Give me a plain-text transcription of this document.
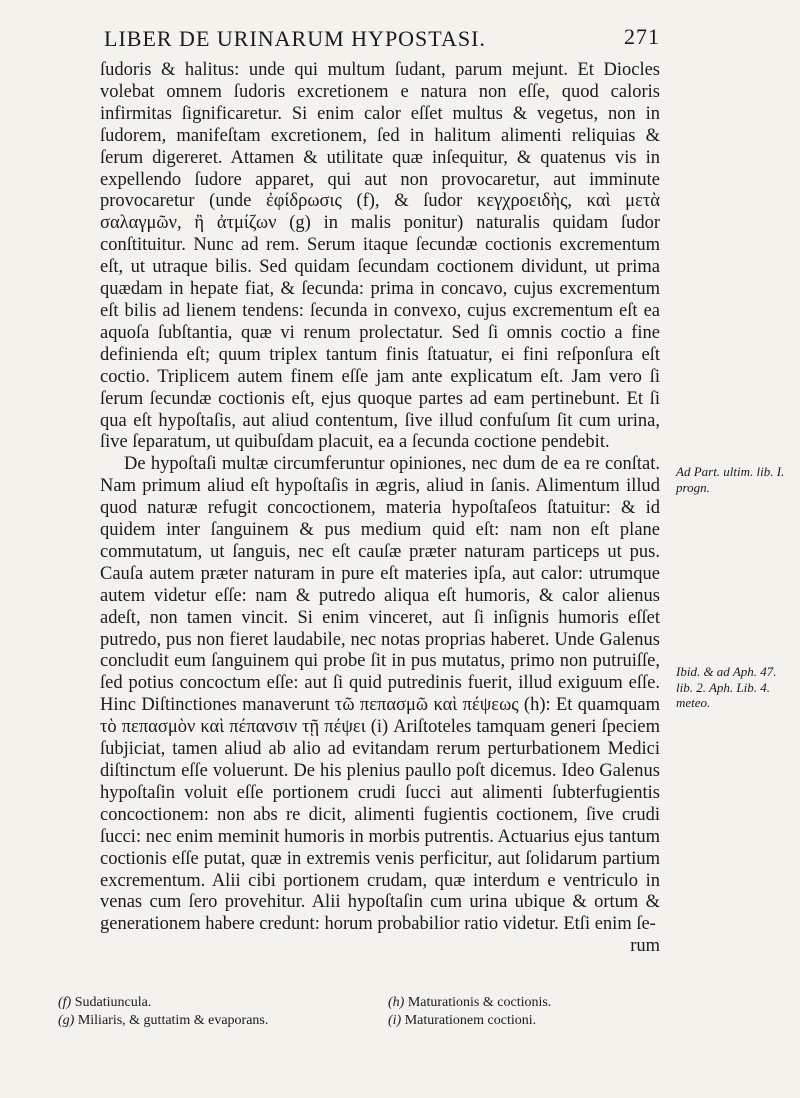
LIBER DE URINARUM HYPOSTASI.	271

ſudoris & halitus: unde qui multum ſudant, parum mejunt. Et Diocles volebat omnem ſudoris excretionem e natura non eſſe, quod caloris infirmitas ſignificaretur. Si enim calor eſſet multus & vegetus, non in ſudorem, manifeſtam excretionem, ſed in halitum alimenti reliquias & ſerum digereret. Attamen & utilitate quæ inſequitur, & quatenus vis in expellendo ſudore apparet, qui aut non provocaretur, aut imminute provocaretur (unde ἐφίδρωσις (f), & ſudor κεγχροειδὴς, καὶ μετὰ σαλαγμῶν, ἢ ἀτμίζων (g) in malis ponitur) naturalis quidam ſudor conſtituitur. Nunc ad rem. Serum itaque ſecundæ coctionis excrementum eſt, ut utraque bilis. Sed quidam ſecundam coctionem dividunt, ut prima quædam in hepate fiat, & ſecunda: prima in concavo, cujus excrementum eſt bilis ad lienem tendens: ſecunda in convexo, cujus excrementum eſt ea aquoſa ſubſtantia, quæ vi renum prolectatur. Sed ſi omnis coctio a fine definienda eſt; quum triplex tantum finis ſtatuatur, ei fini reſponſura eſt coctio. Triplicem autem finem eſſe jam ante explicatum eſt. Jam vero ſi ſerum ſecundæ coctionis eſt, ejus quoque partes ad eam pertinebunt. Et ſi qua eſt hypoſtaſis, aut aliud contentum, ſive illud confuſum ſit cum urina, ſive ſeparatum, ut quibuſdam placuit, ea a ſecunda coctione pendebit.

De hypoſtaſi multæ circumferuntur opiniones, nec dum de ea re conſtat. Nam primum aliud eſt hypoſtaſis in ægris, aliud in ſanis. Alimentum illud quod naturæ refugit concoctionem, materia hypoſtaſeos ſtatuitur: & id quidem inter ſanguinem & pus medium quid eſt: nam non eſt plane commutatum, ut ſanguis, nec eſt cauſæ præter naturam particeps ut pus. Cauſa autem præter naturam in pure eſt materies ipſa, aut calor: utrumque autem videtur eſſe: nam & putredo aliqua eſt humoris, & calor alienus adeſt, non tamen vincit. Si enim vinceret, aut ſi inſignis humoris eſſet putredo, pus non fieret laudabile, nec notas proprias haberet. Unde Galenus concludit eum ſanguinem qui probe ſit in pus mutatus, primo non putruiſſe, ſed potius concoctum eſſe: aut ſi quid putredinis fuerit, illud exiguum eſſe. Hinc Diſtinctiones manaverunt τῶ πεπασμῶ καὶ πέψεως (h): Et quamquam τὸ πεπασμὸν καὶ πέπανσιν τῇ πέψει (i) Ariſtoteles tamquam generi ſpeciem ſubjiciat, tamen aliud ab alio ad evitandam rerum perturbationem Medici diſtinctum eſſe voluerunt. De his plenius paullo poſt dicemus. Ideo Galenus hypoſtaſin voluit eſſe portionem crudi ſucci aut alimenti ſubterfugientis concoctionem: non abs re dicit, alimenti fugientis coctionem, ſive crudi ſucci: nec enim meminit humoris in morbis putrentis. Actuarius ejus tantum coctionis eſſe putat, quæ in extremis venis perficitur, aut ſolidarum partium excrementum. Alii cibi portionem crudam, quæ interdum e ventriculo in venas cum ſero provehitur. Alii hypoſtaſin cum urina ubique & ortum & generationem habere credunt: horum probabilior ratio videtur. Etſi enim ſe-

rum

Ad Part. ultim. lib. I. progn.
Ibid. & ad Aph. 47. lib. 2. Aph. Lib. 4. meteo.
(f) Sudatiuncula.
(g) Miliaris, & guttatim & evaporans.
(h) Maturationis & coctionis.
(i) Maturationem coctioni.
